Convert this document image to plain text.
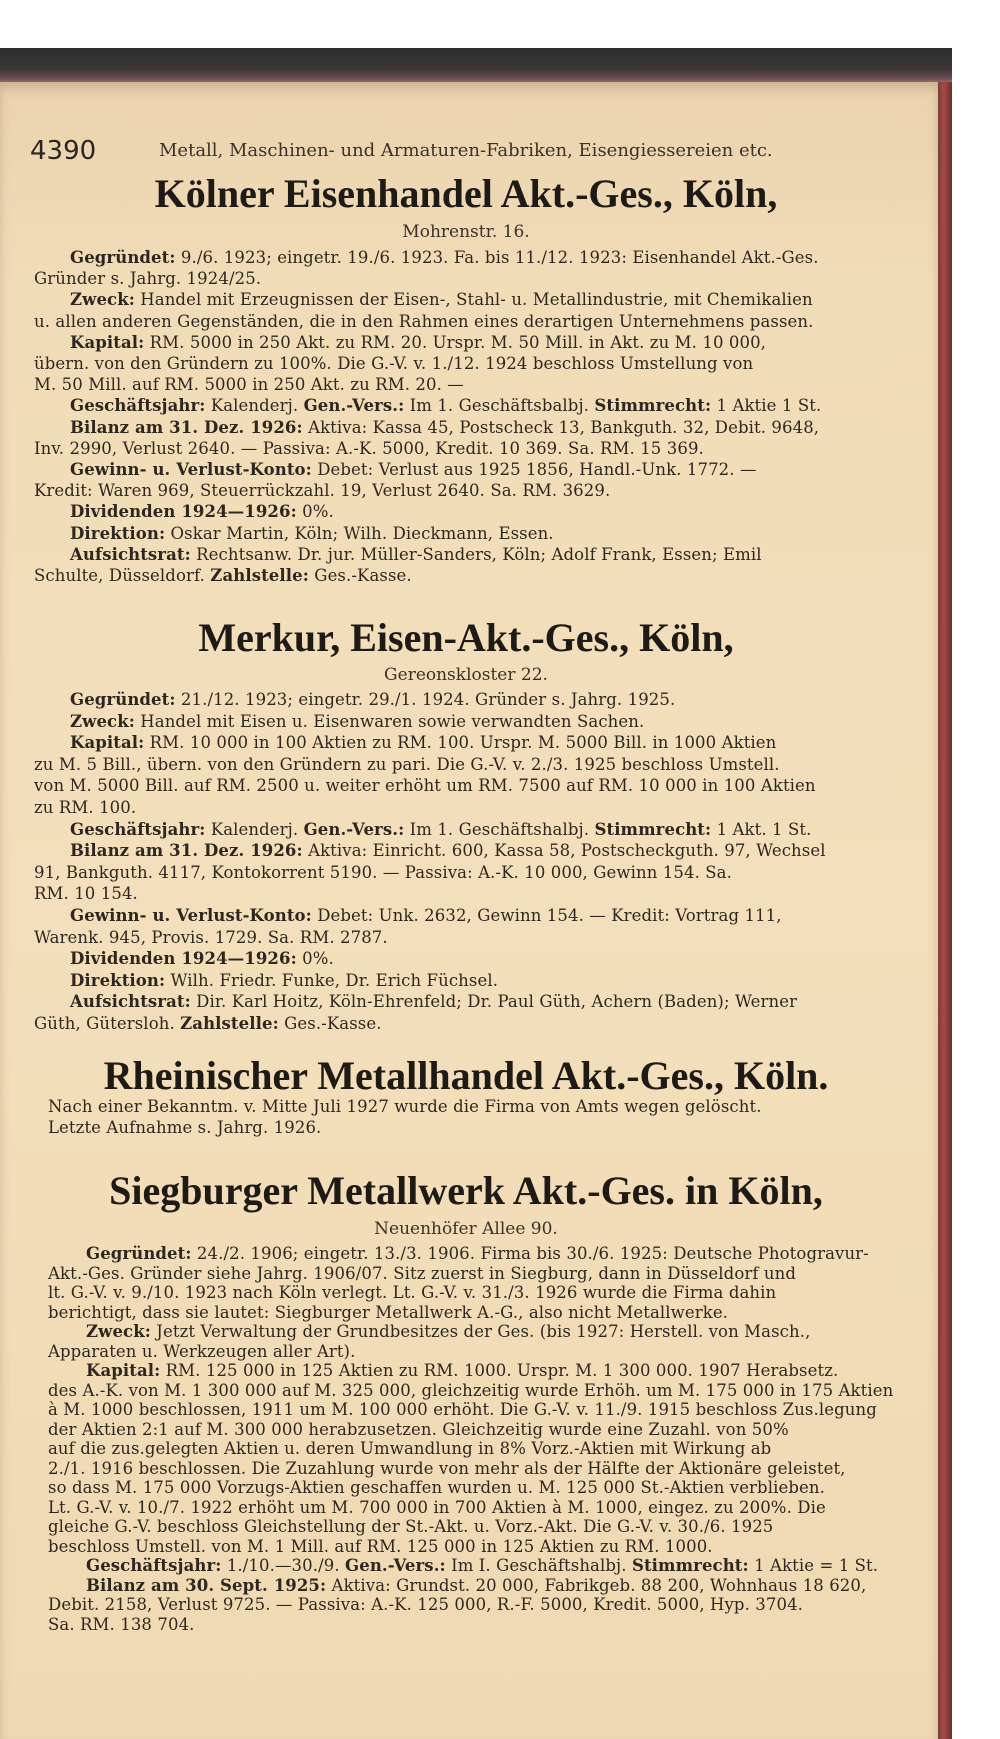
4390	Metall, Maschinen- und Armaturen-Fabriken, Eisengiessereien etc.
Kölner Eisenhandel Akt.-Ges., Köln,
Mohrenstr. 16.
Gegründet: 9./6. 1923; eingetr. 19./6. 1923. Fa. bis 11./12. 1923: Eisenhandel Akt.-Ges.
Gründer s. Jahrg. 1924/25.
Zweck: Handel mit Erzeugnissen der Eisen-, Stahl- u. Metallindustrie, mit Chemikalien
u. allen anderen Gegenständen, die in den Rahmen eines derartigen Unternehmens passen.
Kapital: RM. 5000 in 250 Akt. zu RM. 20. Urspr. M. 50 Mill. in Akt. zu M. 10 000,
übern. von den Gründern zu 100%. Die G.-V. v. 1./12. 1924 beschloss Umstellung von
M. 50 Mill. auf RM. 5000 in 250 Akt. zu RM. 20. —
Geschäftsjahr: Kalenderj. Gen.-Vers.: Im 1. Geschäftsbalbj. Stimmrecht: 1 Aktie 1 St.
Bilanz am 31. Dez. 1926: Aktiva: Kassa 45, Postscheck 13, Bankguth. 32, Debit. 9648,
Inv. 2990, Verlust 2640. — Passiva: A.-K. 5000, Kredit. 10 369. Sa. RM. 15 369.
Gewinn- u. Verlust-Konto: Debet: Verlust aus 1925 1856, Handl.-Unk. 1772. —
Kredit: Waren 969, Steuerrückzahl. 19, Verlust 2640. Sa. RM. 3629.
Dividenden 1924—1926: 0%.
Direktion: Oskar Martin, Köln; Wilh. Dieckmann, Essen.
Aufsichtsrat: Rechtsanw. Dr. jur. Müller-Sanders, Köln; Adolf Frank, Essen; Emil
Schulte, Düsseldorf. Zahlstelle: Ges.-Kasse.
Merkur, Eisen-Akt.-Ges., Köln,
Gereonskloster 22.
Gegründet: 21./12. 1923; eingetr. 29./1. 1924. Gründer s. Jahrg. 1925.
Zweck: Handel mit Eisen u. Eisenwaren sowie verwandten Sachen.
Kapital: RM. 10 000 in 100 Aktien zu RM. 100. Urspr. M. 5000 Bill. in 1000 Aktien
zu M. 5 Bill., übern. von den Gründern zu pari. Die G.-V. v. 2./3. 1925 beschloss Umstell.
von M. 5000 Bill. auf RM. 2500 u. weiter erhöht um RM. 7500 auf RM. 10 000 in 100 Aktien
zu RM. 100.
Geschäftsjahr: Kalenderj. Gen.-Vers.: Im 1. Geschäftshalbj. Stimmrecht: 1 Akt. 1 St.
Bilanz am 31. Dez. 1926: Aktiva: Einricht. 600, Kassa 58, Postscheckguth. 97, Wechsel
91, Bankguth. 4117, Kontokorrent 5190. — Passiva: A.-K. 10 000, Gewinn 154. Sa.
RM. 10 154.
Gewinn- u. Verlust-Konto: Debet: Unk. 2632, Gewinn 154. — Kredit: Vortrag 111,
Warenk. 945, Provis. 1729. Sa. RM. 2787.
Dividenden 1924—1926: 0%.
Direktion: Wilh. Friedr. Funke, Dr. Erich Füchsel.
Aufsichtsrat: Dir. Karl Hoitz, Köln-Ehrenfeld; Dr. Paul Güth, Achern (Baden); Werner
Güth, Gütersloh. Zahlstelle: Ges.-Kasse.
Rheinischer Metallhandel Akt.-Ges., Köln.
Nach einer Bekanntm. v. Mitte Juli 1927 wurde die Firma von Amts wegen gelöscht.
Letzte Aufnahme s. Jahrg. 1926.
Siegburger Metallwerk Akt.-Ges. in Köln,
Neuenhöfer Allee 90.
Gegründet: 24./2. 1906; eingetr. 13./3. 1906. Firma bis 30./6. 1925: Deutsche Photogravur-
Akt.-Ges. Gründer siehe Jahrg. 1906/07. Sitz zuerst in Siegburg, dann in Düsseldorf und
lt. G.-V. v. 9./10. 1923 nach Köln verlegt. Lt. G.-V. v. 31./3. 1926 wurde die Firma dahin
berichtigt, dass sie lautet: Siegburger Metallwerk A.-G., also nicht Metallwerke.
Zweck: Jetzt Verwaltung der Grundbesitzes der Ges. (bis 1927: Herstell. von Masch.,
Apparaten u. Werkzeugen aller Art).
Kapital: RM. 125 000 in 125 Aktien zu RM. 1000. Urspr. M. 1 300 000. 1907 Herabsetz.
des A.-K. von M. 1 300 000 auf M. 325 000, gleichzeitig wurde Erhöh. um M. 175 000 in 175 Aktien
à M. 1000 beschlossen, 1911 um M. 100 000 erhöht. Die G.-V. v. 11./9. 1915 beschloss Zus.legung
der Aktien 2:1 auf M. 300 000 herabzusetzen. Gleichzeitig wurde eine Zuzahl. von 50%
auf die zus.gelegten Aktien u. deren Umwandlung in 8% Vorz.-Aktien mit Wirkung ab
2./1. 1916 beschlossen. Die Zuzahlung wurde von mehr als der Hälfte der Aktionäre geleistet,
so dass M. 175 000 Vorzugs-Aktien geschaffen wurden u. M. 125 000 St.-Aktien verblieben.
Lt. G.-V. v. 10./7. 1922 erhöht um M. 700 000 in 700 Aktien à M. 1000, eingez. zu 200%. Die
gleiche G.-V. beschloss Gleichstellung der St.-Akt. u. Vorz.-Akt. Die G.-V. v. 30./6. 1925
beschloss Umstell. von M. 1 Mill. auf RM. 125 000 in 125 Aktien zu RM. 1000.
Geschäftsjahr: 1./10.—30./9. Gen.-Vers.: Im I. Geschäftshalbj. Stimmrecht: 1 Aktie = 1 St.
Bilanz am 30. Sept. 1925: Aktiva: Grundst. 20 000, Fabrikgeb. 88 200, Wohnhaus 18 620,
Debit. 2158, Verlust 9725. — Passiva: A.-K. 125 000, R.-F. 5000, Kredit. 5000, Hyp. 3704.
Sa. RM. 138 704.
